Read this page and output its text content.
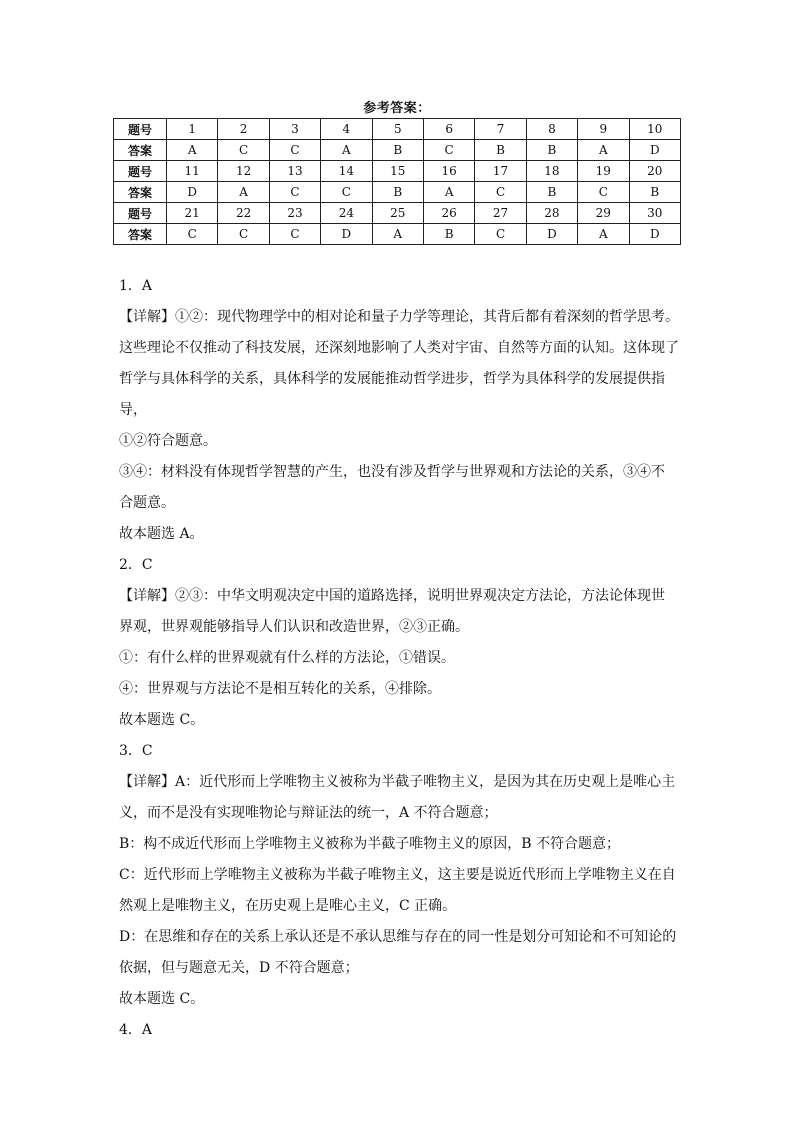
参考答案：
题号	1	2	3	4	5	6	7	8	9	10
答案	A	C	C	A	B	C	B	B	A	D
题号	11	12	13	14	15	16	17	18	19	20
答案	D	A	C	C	B	A	C	B	C	B
题号	21	22	23	24	25	26	27	28	29	30
答案	C	C	C	D	A	B	C	D	A	D

1．A

【详解】①②：现代物理学中的相对论和量子力学等理论，其背后都有着深刻的哲学思考。

这些理论不仅推动了科技发展，还深刻地影响了人类对宇宙、自然等方面的认知。这体现了

哲学与具体科学的关系，具体科学的发展能推动哲学进步，哲学为具体科学的发展提供指导，

①②符合题意。

③④：材料没有体现哲学智慧的产生，也没有涉及哲学与世界观和方法论的关系，③④不

合题意。

故本题选 A。

2．C

【详解】②③：中华文明观决定中国的道路选择，说明世界观决定方法论，方法论体现世

界观，世界观能够指导人们认识和改造世界，②③正确。

①：有什么样的世界观就有什么样的方法论，①错误。

④：世界观与方法论不是相互转化的关系，④排除。

故本题选 C。

3．C

【详解】A：近代形而上学唯物主义被称为半截子唯物主义，是因为其在历史观上是唯心主

义，而不是没有实现唯物论与辩证法的统一，A 不符合题意；

B：构不成近代形而上学唯物主义被称为半截子唯物主义的原因，B 不符合题意；

C：近代形而上学唯物主义被称为半截子唯物主义，这主要是说近代形而上学唯物主义在自

然观上是唯物主义，在历史观上是唯心主义，C 正确。

D：在思维和存在的关系上承认还是不承认思维与存在的同一性是划分可知论和不可知论的

依据，但与题意无关，D 不符合题意；

故本题选 C。

4．A
